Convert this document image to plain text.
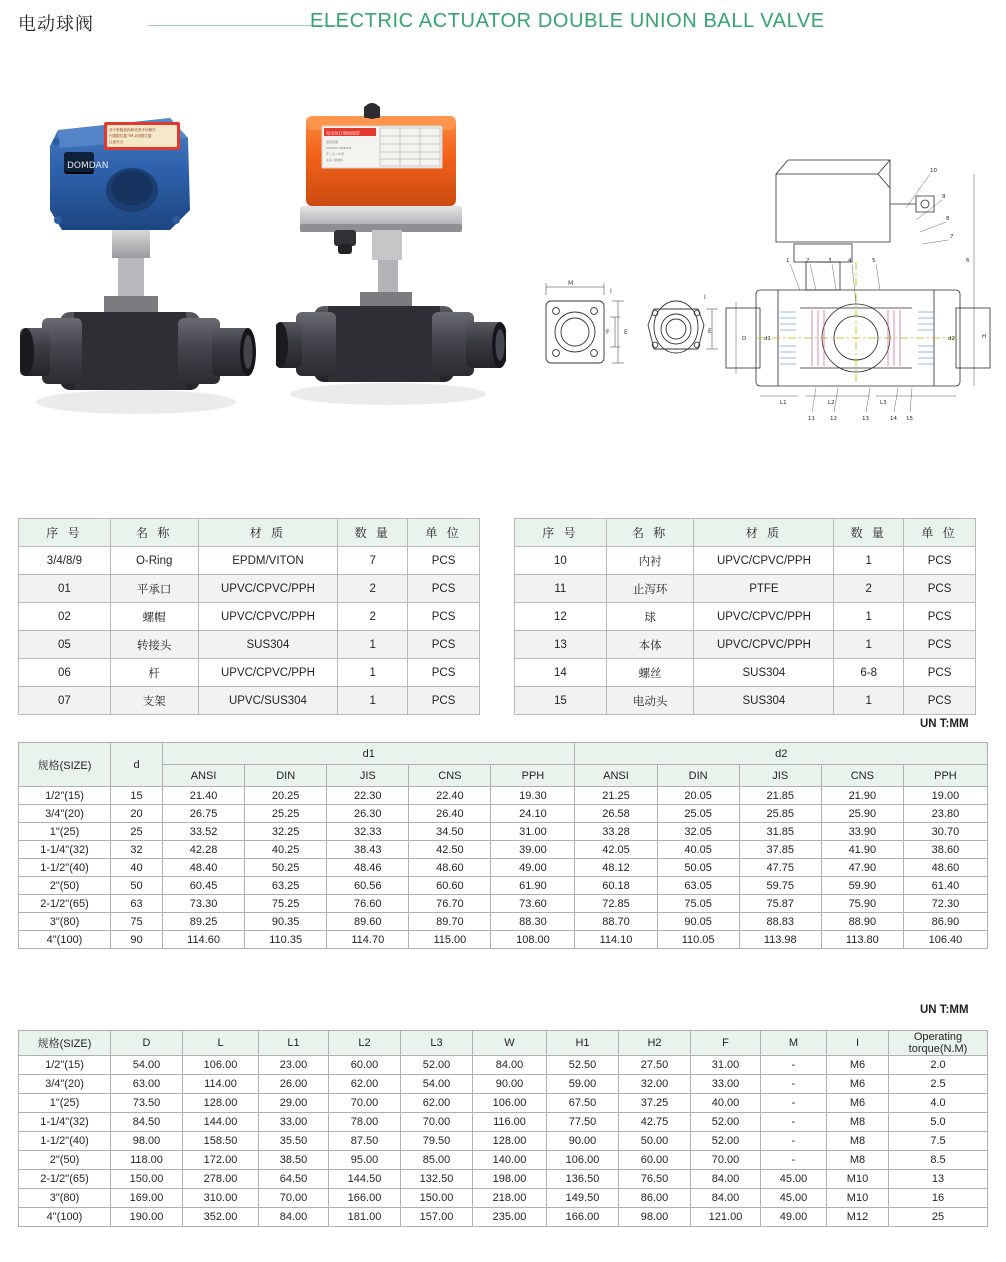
电动球阀	ELECTRIC ACTUATOR DOUBLE UNION BALL VALVE
DOMDAN
请不要随意拆卸或者手动操作
内置限位器 TM-A型限位器
注意安全
电动执行器接线图
接线说明
AC220V 50/60Hz
开 / 关 / 共用
注意: 接地线
M
I
F E
I
E
1	2	3	4	5
10
9
8
7
6
11	12	13	14 15
H
D	d1	d2
L1	L2	L3
序 号	名 称	材 质	数 量	单 位
3/4/8/9	O-Ring	EPDM/VITON	7	PCS
01	平承口	UPVC/CPVC/PPH	2	PCS
02	螺帽	UPVC/CPVC/PPH	2	PCS
05	转接头	SUS304	1	PCS
06	杆	UPVC/CPVC/PPH	1	PCS
07	支架	UPVC/SUS304	1	PCS
序 号	名 称	材 质	数 量	单 位
10	内衬	UPVC/CPVC/PPH	1	PCS
11	止泻环	PTFE	2	PCS
12	球	UPVC/CPVC/PPH	1	PCS
13	本体	UPVC/CPVC/PPH	1	PCS
14	螺丝	SUS304	6-8	PCS
15	电动头	SUS304	1	PCS
UN T:MM
规格(SIZE)	d	d1					d2				
		ANSI	DIN	JIS	CNS	PPH	ANSI	DIN	JIS	CNS	PPH
1/2"(15)	15	21.40	20.25	22.30	22.40	19.30	21.25	20.05	21.85	21.90	19.00
3/4"(20)	20	26.75	25.25	26.30	26.40	24.10	26.58	25.05	25.85	25.90	23.80
1"(25)	25	33.52	32.25	32.33	34.50	31.00	33.28	32.05	31.85	33.90	30.70
1-1/4"(32)	32	42.28	40.25	38.43	42.50	39.00	42.05	40.05	37.85	41.90	38.60
1-1/2"(40)	40	48.40	50.25	48.46	48.60	49.00	48.12	50.05	47.75	47.90	48.60
2"(50)	50	60.45	63.25	60.56	60.60	61.90	60.18	63.05	59.75	59.90	61.40
2-1/2"(65)	63	73.30	75.25	76.60	76.70	73.60	72.85	75.05	75.87	75.90	72.30
3"(80)	75	89.25	90.35	89.60	89.70	88.30	88.70	90.05	88.83	88.90	86.90
4"(100)	90	114.60	110.35	114.70	115.00	108.00	114.10	110.05	113.98	113.80	106.40
UN T:MM
规格(SIZE)	D	L	L1	L2	L3	W	H1	H2	F	M	I	Operating torque(N.M)
1/2"(15)	54.00	106.00	23.00	60.00	52.00	84.00	52.50	27.50	31.00	-	M6	2.0
3/4"(20)	63.00	114.00	26.00	62.00	54.00	90.00	59.00	32.00	33.00	-	M6	2.5
1"(25)	73.50	128.00	29.00	70.00	62.00	106.00	67.50	37.25	40.00	-	M6	4.0
1-1/4"(32)	84.50	144.00	33.00	78.00	70.00	116.00	77.50	42.75	52.00	-	M8	5.0
1-1/2"(40)	98.00	158.50	35.50	87.50	79.50	128.00	90.00	50.00	52.00	-	M8	7.5
2"(50)	118.00	172.00	38.50	95.00	85.00	140.00	106.00	60.00	70.00	-	M8	8.5
2-1/2"(65)	150.00	278.00	64.50	144.50	132.50	198.00	136.50	76.50	84.00	45.00	M10	13
3"(80)	169.00	310.00	70.00	166.00	150.00	218.00	149.50	86.00	84.00	45.00	M10	16
4"(100)	190.00	352.00	84.00	181.00	157.00	235.00	166.00	98.00	121.00	49.00	M12	25
